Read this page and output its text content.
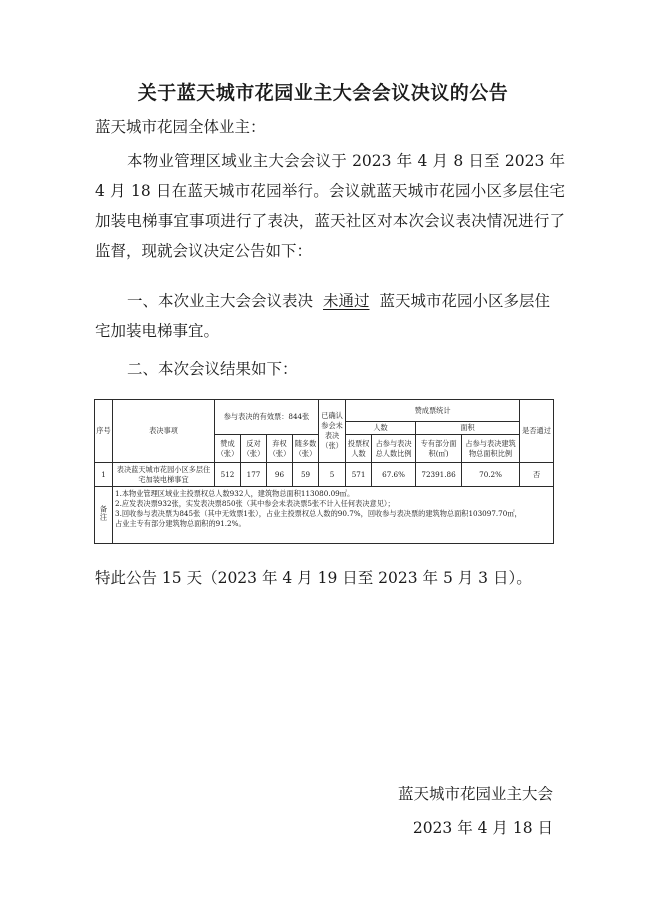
关于蓝天城市花园业主大会会议决议的公告

蓝天城市花园全体业主：

本物业管理区域业主大会会议于 2023 年 4 月 8 日至 2023 年 4 月 18 日在蓝天城市花园举行。会议就蓝天城市花园小区多层住宅加装电梯事宜事项进行了表决，蓝天社区对本次会议表决情况进行了监督，现就会议决定公告如下：

一、本次业主大会会议表决 未通过 蓝天城市花园小区多层住宅加装电梯事宜。

二、本次会议结果如下：

序号	表决事项	参与表决的有效票：844张				已确认参会未表决（张）	赞成票统计				是否通过
							人数		面积		
		赞成（张）	反对（张）	弃权（张）	随多数（张）		投票权人数	占参与表决总人数比例	专有部分面积(㎡)	占参与表决建筑物总面积比例	
1	表决蓝天城市花园小区多层住宅加装电梯事宜	512	177	96	59	5	571	67.6%	72391.86	70.2%	否
备注	1.本物业管理区域业主投票权总人数932人，建筑物总面积113080.09㎡。
2.应发表决票932张，实发表决票850张（其中参会未表决票5张不计入任何表决意见）；
3.回收参与表决票为845张（其中无效票1张），占业主投票权总人数的90.7%，回收参与表决票的建筑物总面积103097.70㎡，
占业主专有部分建筑物总面积的91.2%。										
特此公告 15 天（2023 年 4 月 19 日至 2023 年 5 月 3 日）。
蓝天城市花园业主大会
2023 年 4 月 18 日
